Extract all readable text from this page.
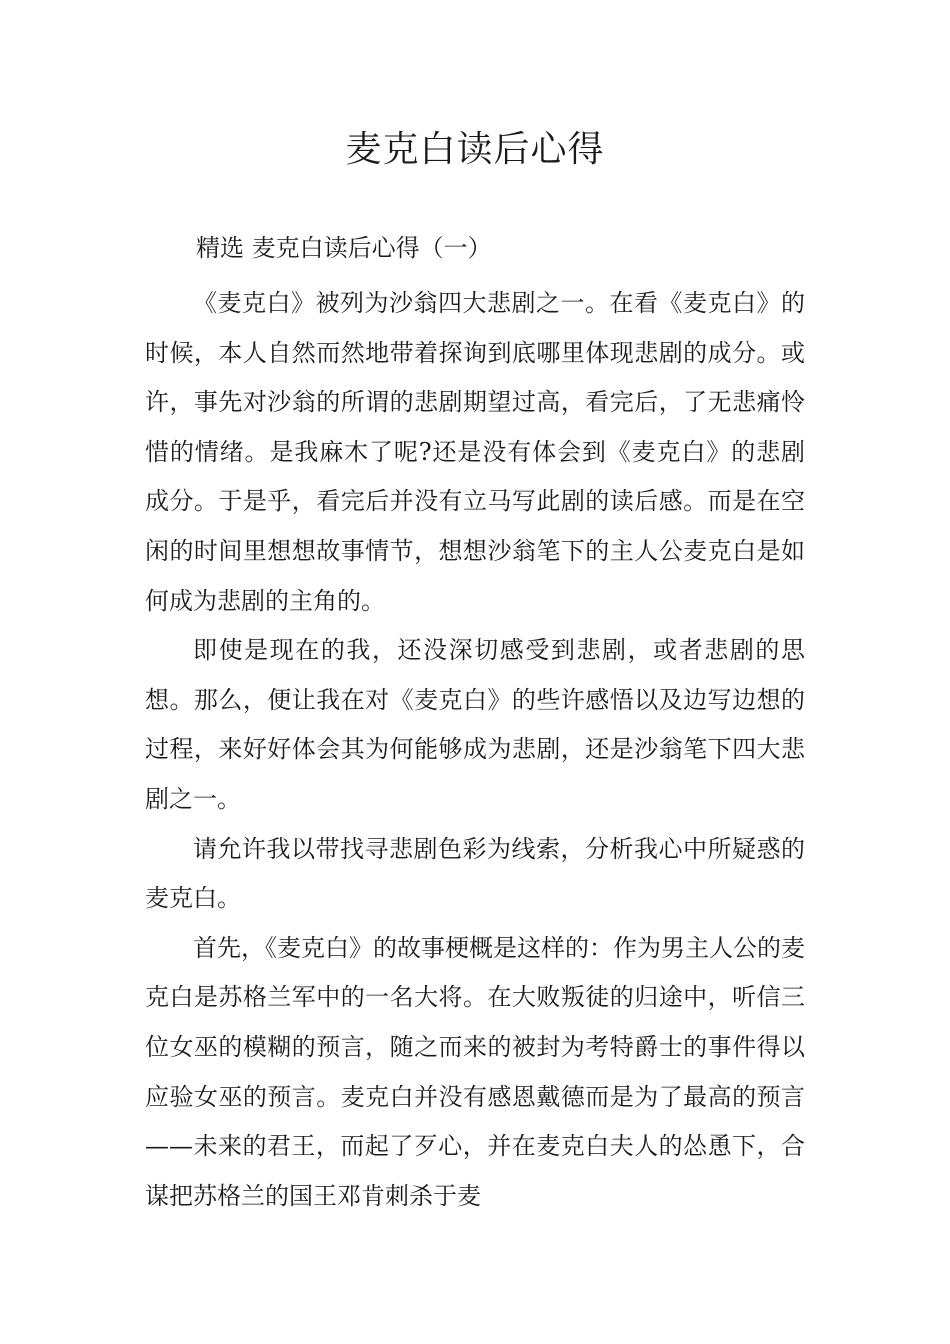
麦克白读后心得
精选 麦克白读后心得（一）

《麦克白》被列为沙翁四大悲剧之一。在看《麦克白》的时候，本人自然而然地带着探询到底哪里体现悲剧的成分。或许，事先对沙翁的所谓的悲剧期望过高，看完后，了无悲痛怜惜的情绪。是我麻木了呢?还是没有体会到《麦克白》的悲剧成分。于是乎，看完后并没有立马写此剧的读后感。而是在空闲的时间里想想故事情节，想想沙翁笔下的主人公麦克白是如何成为悲剧的主角的。

即使是现在的我，还没深切感受到悲剧，或者悲剧的思想。那么，便让我在对《麦克白》的些许感悟以及边写边想的过程，来好好体会其为何能够成为悲剧，还是沙翁笔下四大悲剧之一。

请允许我以带找寻悲剧色彩为线索，分析我心中所疑惑的麦克白。

首先，《麦克白》的故事梗概是这样的：作为男主人公的麦克白是苏格兰军中的一名大将。在大败叛徒的归途中，听信三位女巫的模糊的预言，随之而来的被封为考特爵士的事件得以应验女巫的预言。麦克白并没有感恩戴德而是为了最高的预言——未来的君王，而起了歹心，并在麦克白夫人的怂恿下，合谋把苏格兰的国王邓肯刺杀于麦
